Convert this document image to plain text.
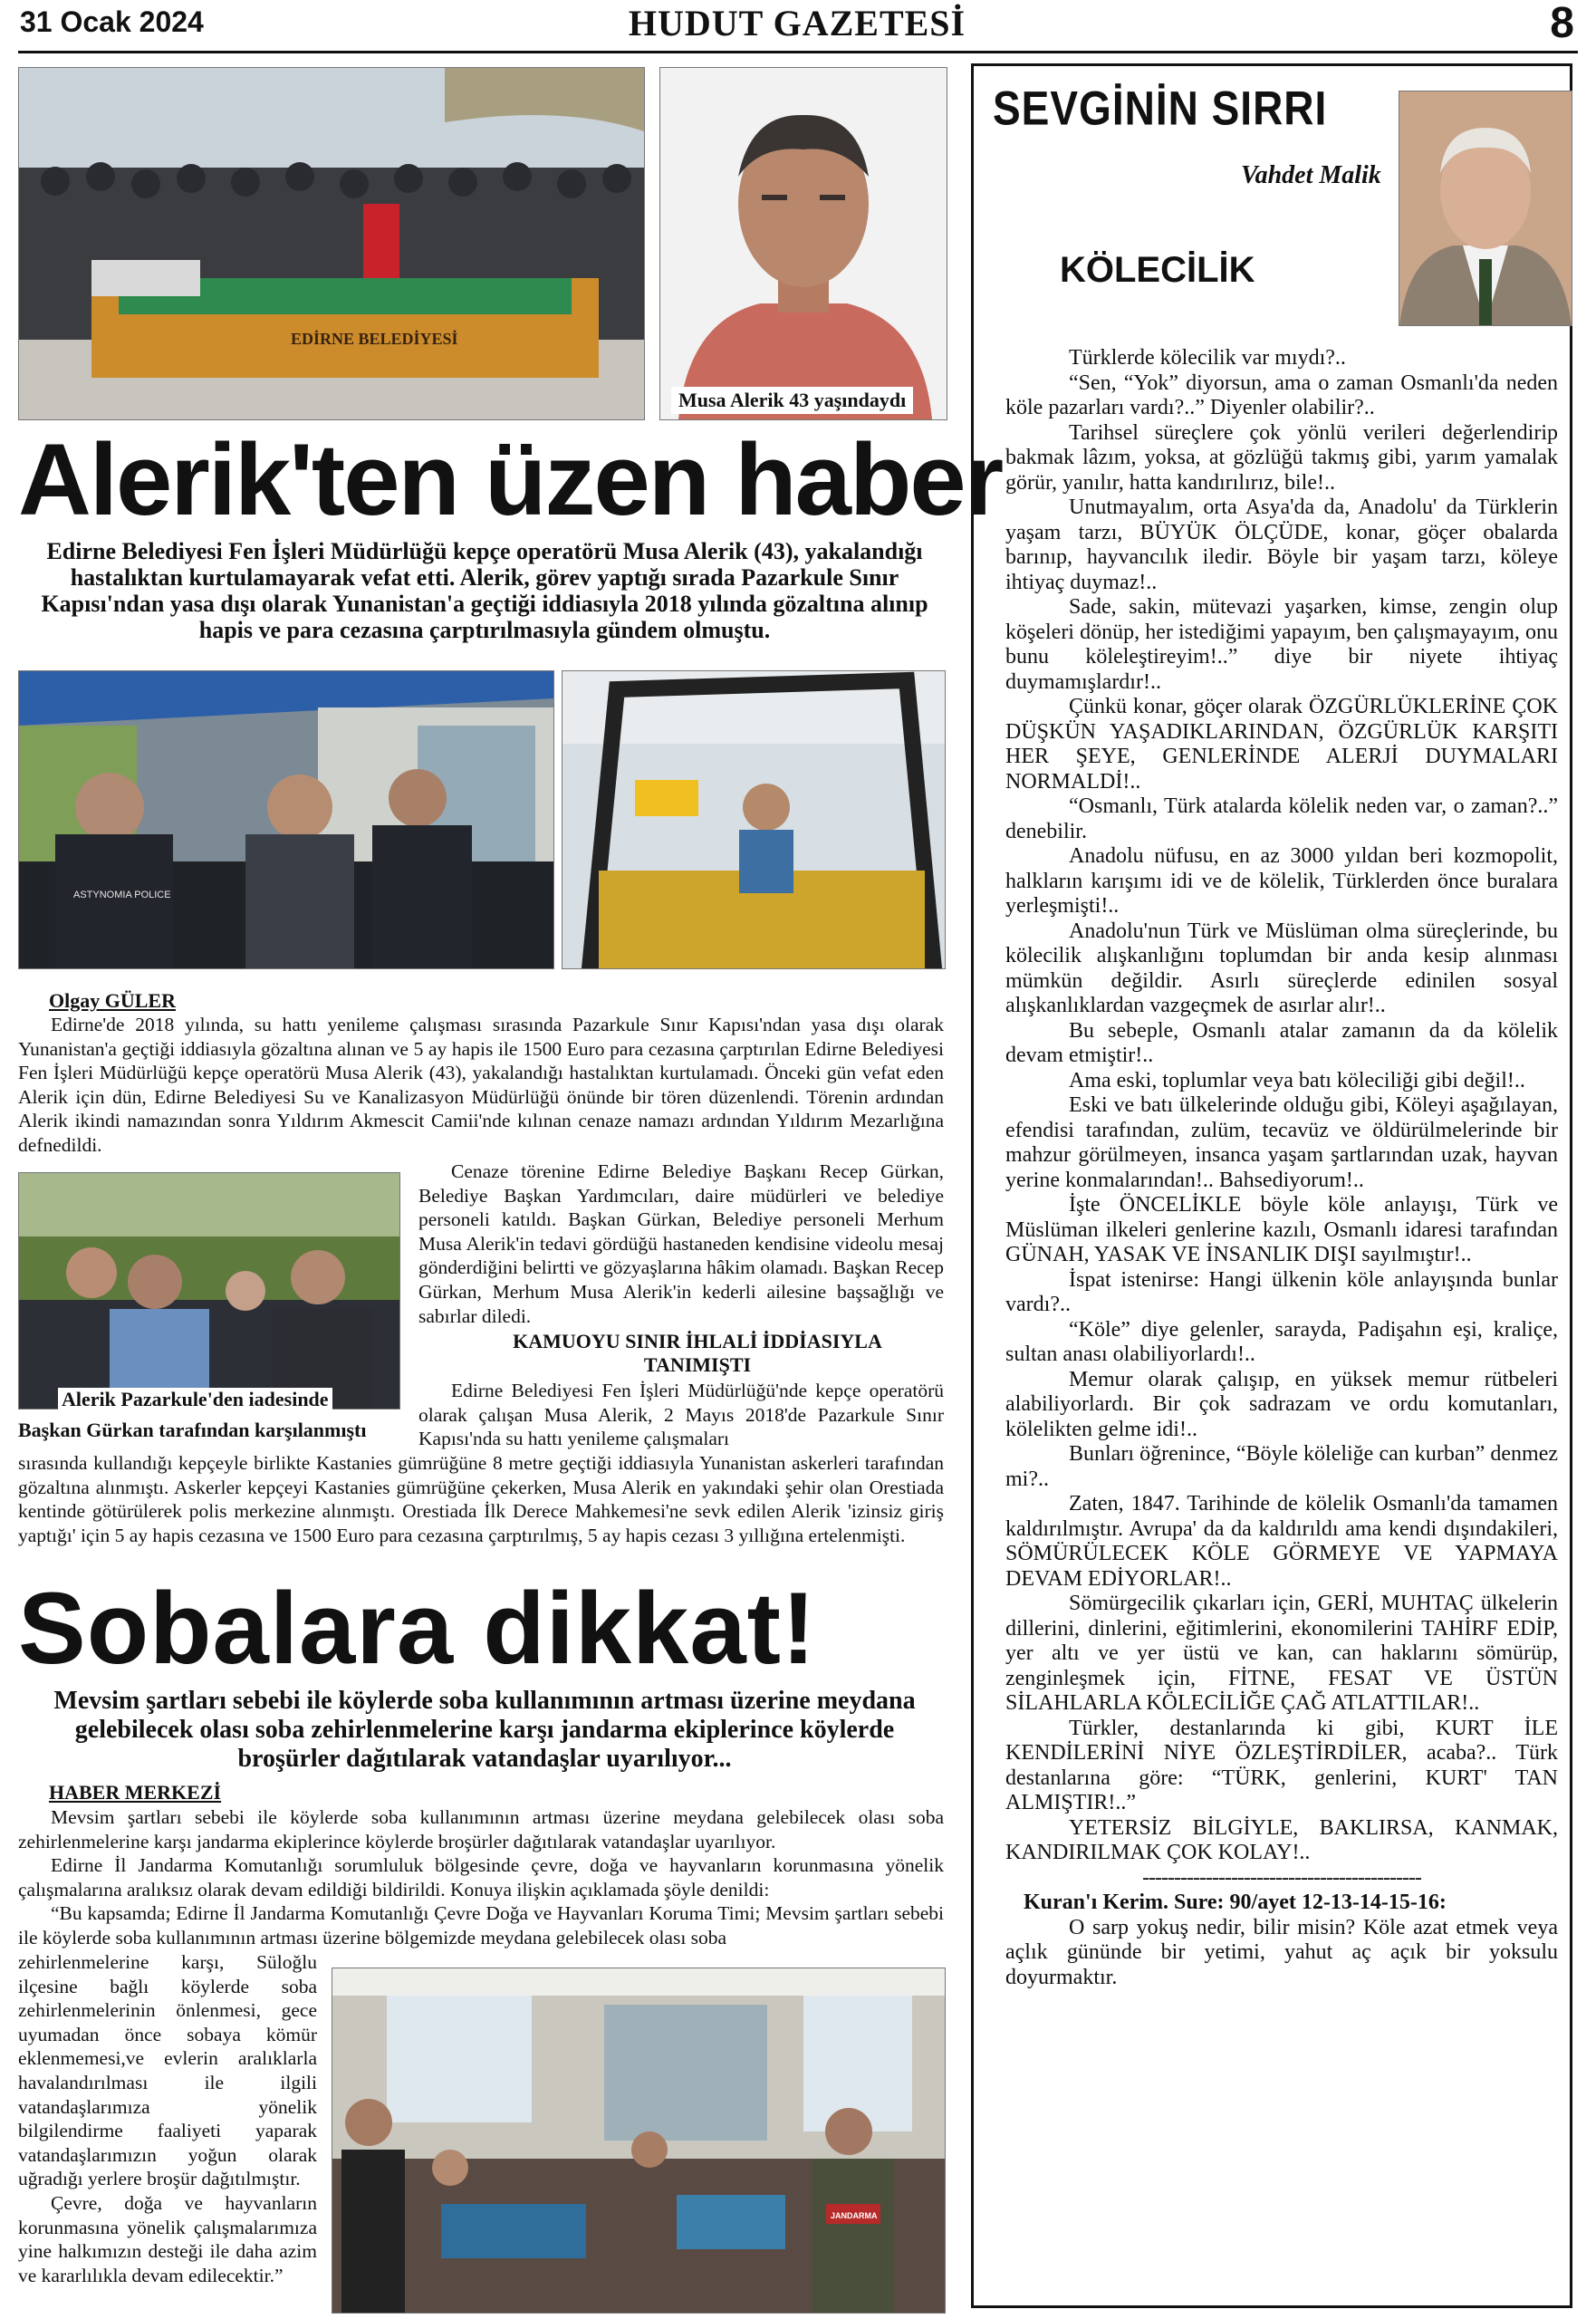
31 Ocak 2024	HUDUT GAZETESİ	8
EDİRNE BELEDİYESİ
Musa Alerik 43 yaşındaydı
Alerik'ten üzen haber
Edirne Belediyesi Fen İşleri Müdürlüğü kepçe operatörü Musa Alerik (43), yakalandığı hastalıktan kurtulamayarak vefat etti. Alerik, görev yaptığı sırada Pazarkule Sınır Kapısı'ndan yasa dışı olarak Yunanistan'a geçtiği iddiasıyla 2018 yılında gözaltına alınıp hapis ve para cezasına çarptırılmasıyla gündem olmuştu.
ASTYNOMIA POLICE
Olgay GÜLER

Edirne'de 2018 yılında, su hattı yenileme çalışması sırasında Pazarkule Sınır Kapısı'ndan yasa dışı olarak Yunanistan'a geçtiği iddiasıyla gözaltına alınan ve 5 ay hapis ile 1500 Euro para cezasına çarptırılan Edirne Belediyesi Fen İşleri Müdürlüğü kepçe operatörü Musa Alerik (43), yakalandığı hastalıktan kurtulamadı. Önceki gün vefat eden Alerik için dün, Edirne Belediyesi Su ve Kanalizasyon Müdürlüğü önünde bir tören düzenlendi. Törenin ardından Alerik ikindi namazından sonra Yıldırım Akmescit Camii'nde kılınan cenaze namazı ardından Yıldırım Mezarlığına defnedildi.

Alerik Pazarkule'den iadesinde
Başkan Gürkan tarafından karşılanmıştı

Cenaze törenine Edirne Belediye Başkanı Recep Gürkan, Belediye Başkan Yardımcıları, daire müdürleri ve belediye personeli katıldı. Başkan Gürkan, Belediye personeli Merhum Musa Alerik'in tedavi gördüğü hastaneden kendisine videolu mesaj gönderdiğini belirtti ve gözyaşlarına hâkim olamadı. Başkan Recep Gürkan, Merhum Musa Alerik'in kederli ailesine başsağlığı ve sabırlar diledi.

KAMUOYU SINIR İHLALİ İDDİASIYLA TANIMIŞTI

Edirne Belediyesi Fen İşleri Müdürlüğü'nde kepçe operatörü olarak çalışan Musa Alerik, 2 Mayıs 2018'de Pazarkule Sınır Kapısı'nda su hattı yenileme çalışmaları

sırasında kullandığı kepçeyle birlikte Kastanies gümrüğüne 8 metre geçtiği iddiasıyla Yunanistan askerleri tarafından gözaltına alınmıştı. Askerler kepçeyi Kastanies gümrüğüne çekerken, Musa Alerik en yakındaki şehir olan Orestiada kentinde götürülerek polis merkezine alınmıştı. Orestiada İlk Derece Mahkemesi'ne sevk edilen Alerik 'izinsiz giriş yaptığı' için 5 ay hapis cezasına ve 1500 Euro para cezasına çarptırılmış, 5 ay hapis cezası 3 yıllığına ertelenmişti.

Sobalara dikkat!
Mevsim şartları sebebi ile köylerde soba kullanımının artması üzerine meydana gelebilecek olası soba zehirlenmelerine karşı jandarma ekiplerince köylerde broşürler dağıtılarak vatandaşlar uyarılıyor...
HABER MERKEZİ

Mevsim şartları sebebi ile köylerde soba kullanımının artması üzerine meydana gelebilecek olası soba zehirlenmelerine karşı jandarma ekiplerince köylerde broşürler dağıtılarak vatandaşlar uyarılıyor.

Edirne İl Jandarma Komutanlığı sorumluluk bölgesinde çevre, doğa ve hayvanların korunmasına yönelik çalışmalarına aralıksız olarak devam edildiği bildirildi. Konuya ilişkin açıklamada şöyle denildi:

“Bu kapsamda; Edirne İl Jandarma Komutanlığı Çevre Doğa ve Hayvanları Koruma Timi; Mevsim şartları sebebi ile köylerde soba kullanımının artması üzerine bölgemizde meydana gelebilecek olası soba

zehirlenmelerine karşı, Süloğlu ilçesine bağlı köylerde soba zehirlenmelerinin önlenmesi, gece uyumadan önce sobaya kömür eklenmemesi,ve evlerin aralıklarla havalandırılması ile ilgili vatandaşlarımıza yönelik bilgilendirme faaliyeti yaparak vatandaşlarımızın yoğun olarak uğradığı yerlere broşür dağıtılmıştır.

Çevre, doğa ve hayvanların korunmasına yönelik çalışmalarımıza yine halkımızın desteği ile daha azim ve kararlılıkla devam edilecektir.”

JANDARMA
SEVGİNİN SIRRI
Vahdet Malik
KÖLECİLİK

Türklerde kölecilik var mıydı?..

“Sen, “Yok” diyorsun, ama o zaman Osmanlı'da neden köle pazarları vardı?..” Diyenler olabilir?..

Tarihsel süreçlere çok yönlü verileri değerlendirip bakmak lâzım, yoksa, at gözlüğü takmış gibi, yarım yamalak görür, yanılır, hatta kandırılırız, bile!..

Unutmayalım, orta Asya'da da, Anadolu' da Türklerin yaşam tarzı, BÜYÜK ÖLÇÜDE, konar, göçer obalarda barınıp, hayvancılık iledir. Böyle bir yaşam tarzı, köleye ihtiyaç duymaz!..

Sade, sakin, mütevazi yaşarken, kimse, zengin olup köşeleri dönüp, her istediğimi yapayım, ben çalışmayayım, onu bunu köleleştireyim!..” diye bir niyete ihtiyaç duymamışlardır!..

Çünkü konar, göçer olarak ÖZGÜRLÜKLERİNE ÇOK DÜŞKÜN YAŞADIKLARINDAN, ÖZGÜRLÜK KARŞITI HER ŞEYE, GENLERİNDE ALERJİ DUYMALARI NORMALDİ!..

“Osmanlı, Türk atalarda kölelik neden var, o zaman?..” denebilir.

Anadolu nüfusu, en az 3000 yıldan beri kozmopolit, halkların karışımı idi ve de kölelik, Türklerden önce buralara yerleşmişti!..

Anadolu'nun Türk ve Müslüman olma süreçlerinde, bu kölecilik alışkanlığını toplumdan bir anda kesip alınması mümkün değildir. Asırlı süreçlerde edinilen sosyal alışkanlıklardan vazgeçmek de asırlar alır!..

Bu sebeple, Osmanlı atalar zamanın da da kölelik devam etmiştir!..

Ama eski, toplumlar veya batı köleciliği gibi değil!..

Eski ve batı ülkelerinde olduğu gibi, Köleyi aşağılayan, efendisi tarafından, zulüm, tecavüz ve öldürülmelerinde bir mahzur görülmeyen, insanca yaşam şartlarından uzak, hayvan yerine konmalarından!.. Bahsediyorum!..

İşte ÖNCELİKLE böyle köle anlayışı, Türk ve Müslüman ilkeleri genlerine kazılı, Osmanlı idaresi tarafından GÜNAH, YASAK VE İNSANLIK DIŞI sayılmıştır!..

İspat istenirse: Hangi ülkenin köle anlayışında bunlar vardı?..

“Köle” diye gelenler, sarayda, Padişahın eşi, kraliçe, sultan anası olabiliyorlardı!..

Memur olarak çalışıp, en yüksek memur rütbeleri alabiliyorlardı. Bir çok sadrazam ve ordu komutanları, kölelikten gelme idi!..

Bunları öğrenince, “Böyle köleliğe can kurban” denmez mi?..

Zaten, 1847. Tarihinde de kölelik Osmanlı'da tamamen kaldırılmıştır. Avrupa' da da kaldırıldı ama kendi dışındakileri, SÖMÜRÜLECEK KÖLE GÖRMEYE VE YAPMAYA DEVAM EDİYORLAR!..

Sömürgecilik çıkarları için, GERİ, MUHTAÇ ülkelerin dillerini, dinlerini, eğitimlerini, ekonomilerini TAHİRF EDİP, yer altı ve yer üstü ve kan, can haklarını sömürüp, zenginleşmek için, FİTNE, FESAT VE ÜSTÜN SİLAHLARLA KÖLECİLİĞE ÇAĞ ATLATTILAR!..

Türkler, destanlarında ki gibi, KURT İLE KENDİLERİNİ NİYE ÖZLEŞTİRDİLER, acaba?.. Türk destanlarına göre: “TÜRK, genlerini, KURT' TAN ALMIŞTIR!..”

YETERSİZ BİLGİYLE, BAKLIRSA, KANMAK, KANDIRILMAK ÇOK KOLAY!..

--------------------------------------------

Kuran'ı Kerim. Sure: 90/ayet 12-13-14-15-16:

O sarp yokuş nedir, bilir misin? Köle azat etmek veya açlık gününde bir yetimi, yahut aç açık bir yoksulu doyurmaktır.
